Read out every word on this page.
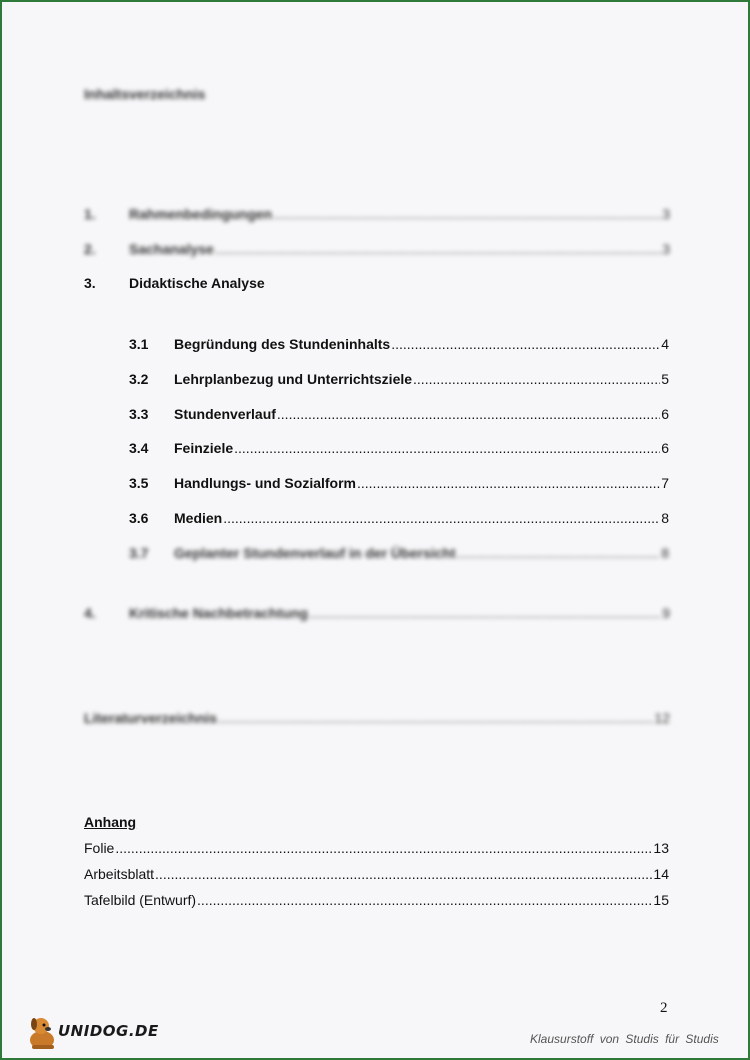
Inhaltsverzeichnis
1.	Rahmenbedingungen .....	3
2.	Sachanalyse .....	3
3.	Didaktische Analyse
3.1	Begründung des Stundeninhalts .....	4
3.2	Lehrplanbezug und Unterrichtsziele .....	5
3.3	Stundenverlauf .....	6
3.4	Feinziele .....	6
3.5	Handlungs- und Sozialform .....	7
3.6	Medien .....	8
3.7	Geplanter Stundenverlauf in der Übersicht .....	8
4.	Kritische Nachbetrachtung .....	9
Literaturverzeichnis .....	12
Anhang
Folie .....	13
Arbeitsblatt .....	14
Tafelbild (Entwurf) .....	15
2
UNIDOG.DE	Klausurstoff von Studis für Studis
